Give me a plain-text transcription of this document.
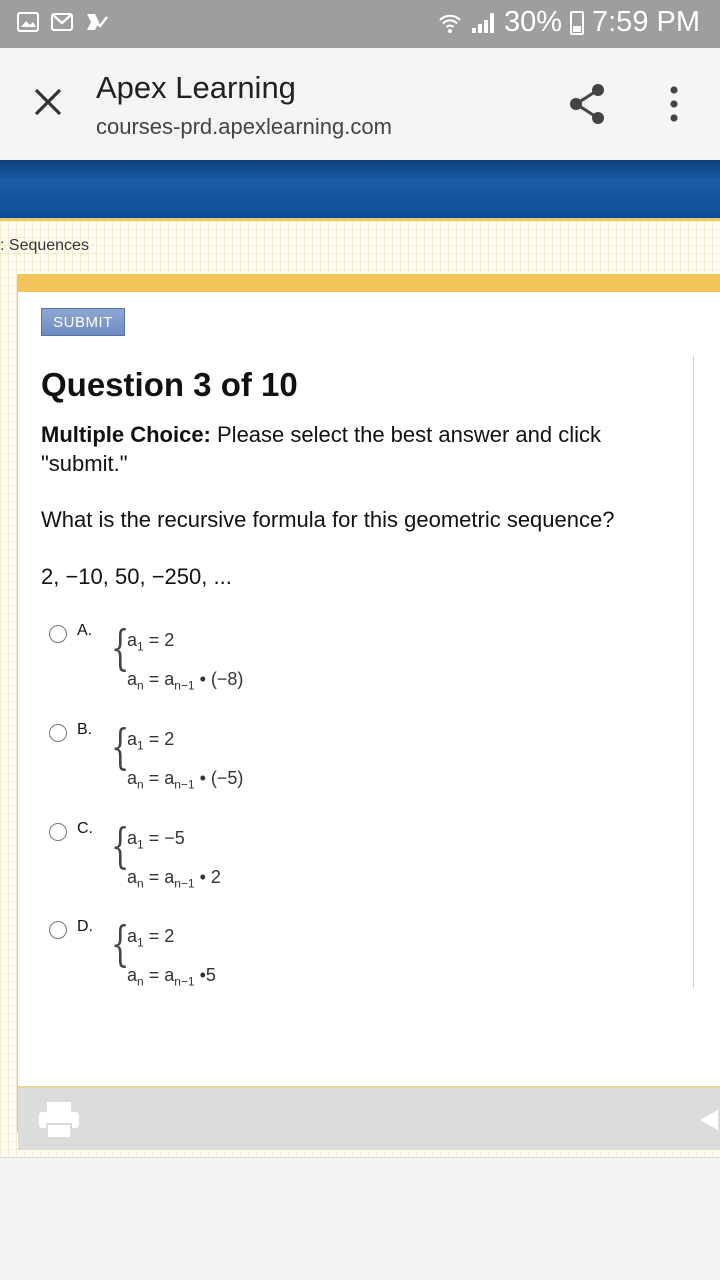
30% 7:59 PM
Apex Learning
courses-prd.apexlearning.com
: Sequences
SUBMIT
Question 3 of 10
Multiple Choice: Please select the best answer and click "submit."
What is the recursive formula for this geometric sequence?
2, −10, 50, −250, ...
A. {
$a_1 = 2$
$a_n = a_{n-1}$ • (−8)
B. {
$a_1 = 2$
$a_n = a_{n-1}$ • (−5)
C. {
$a_1 = -5$
$a_n = a_{n-1}$ • 2
D. {
$a_1 = 2$
$a_n = a_{n-1}$ •5
